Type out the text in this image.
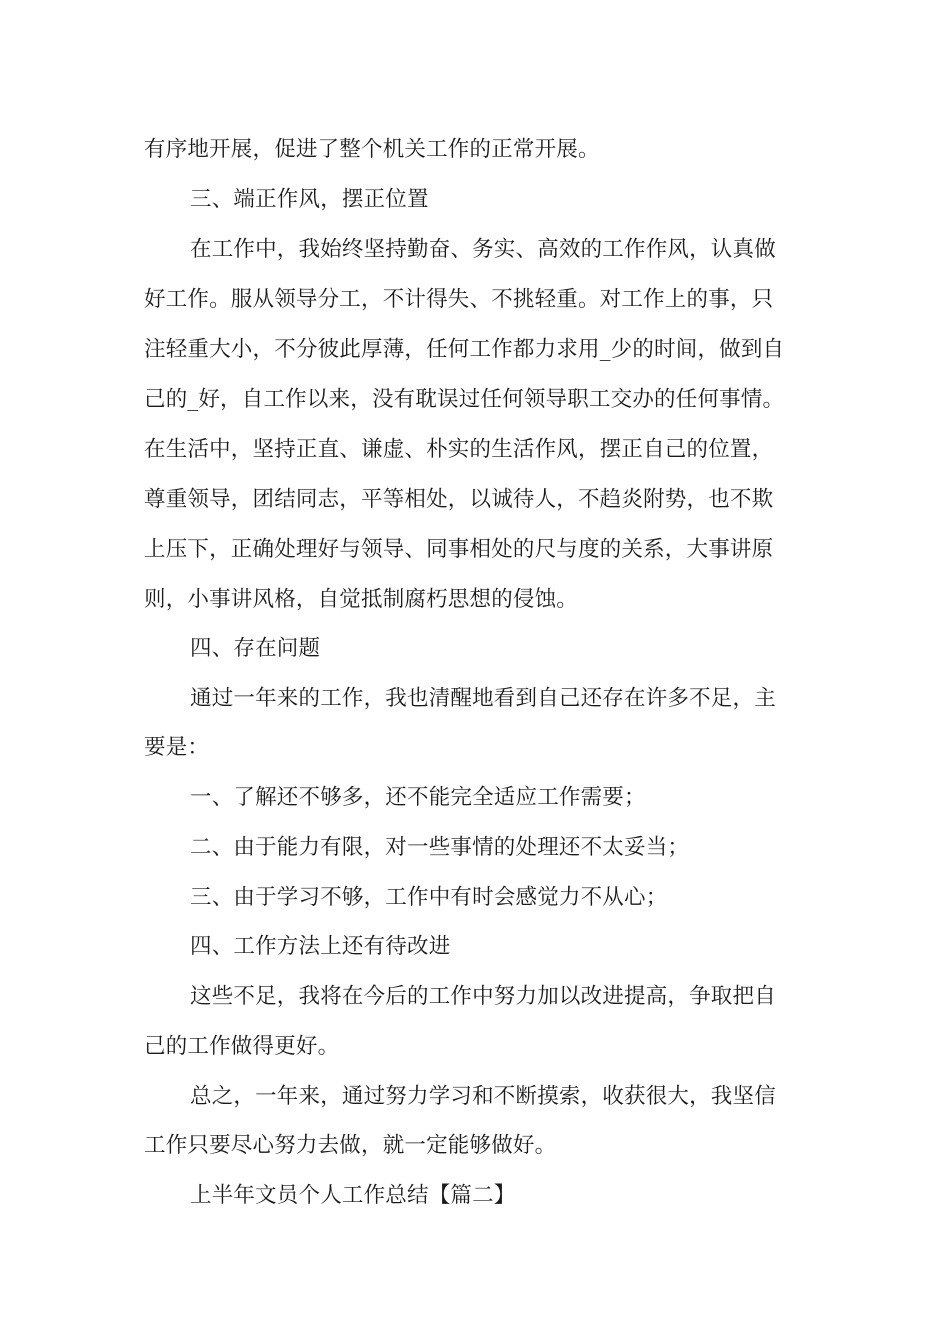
有序地开展，促进了整个机关工作的正常开展。
三、端正作风，摆正位置
在工作中，我始终坚持勤奋、务实、高效的工作作风，认真做
好工作。服从领导分工，不计得失、不挑轻重。对工作上的事，只
注轻重大小，不分彼此厚薄，任何工作都力求用_少的时间，做到自
己的_好，自工作以来，没有耽误过任何领导职工交办的任何事情。
在生活中，坚持正直、谦虚、朴实的生活作风，摆正自己的位置，
尊重领导，团结同志，平等相处，以诚待人，不趋炎附势，也不欺
上压下，正确处理好与领导、同事相处的尺与度的关系，大事讲原
则，小事讲风格，自觉抵制腐朽思想的侵蚀。
四、存在问题
通过一年来的工作，我也清醒地看到自己还存在许多不足，主
要是：
一、了解还不够多，还不能完全适应工作需要；
二、由于能力有限，对一些事情的处理还不太妥当；
三、由于学习不够，工作中有时会感觉力不从心；
四、工作方法上还有待改进
这些不足，我将在今后的工作中努力加以改进提高，争取把自
己的工作做得更好。
总之，一年来，通过努力学习和不断摸索，收获很大，我坚信
工作只要尽心努力去做，就一定能够做好。
上半年文员个人工作总结【篇二】
